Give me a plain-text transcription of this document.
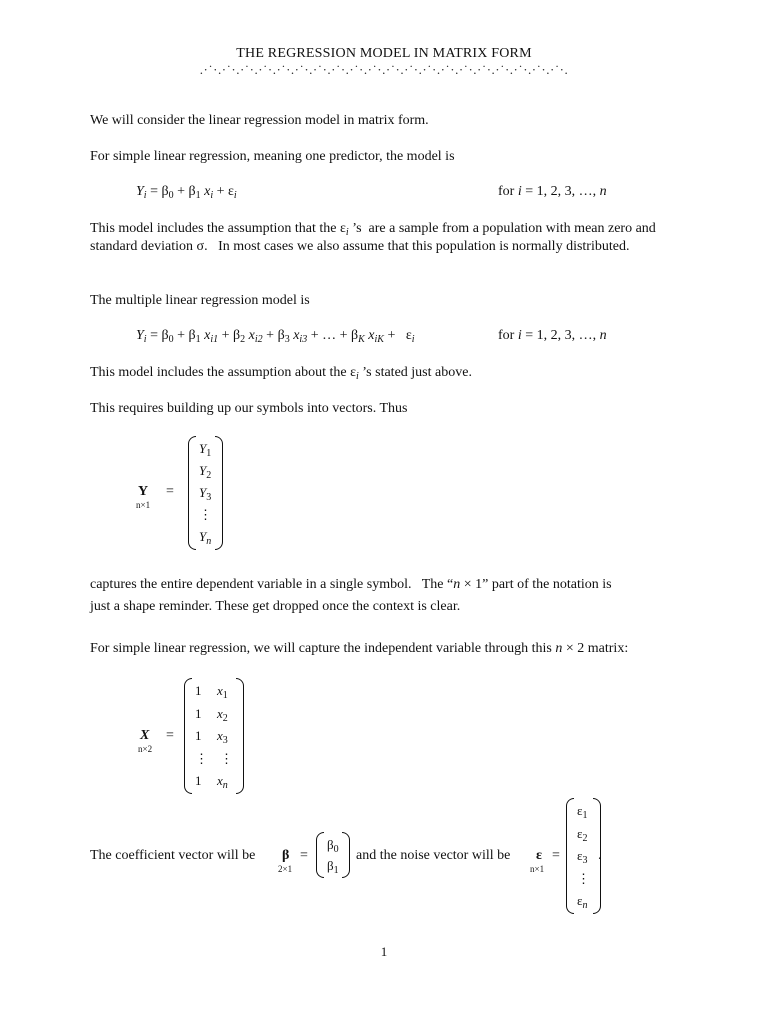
THE REGRESSION MODEL IN MATRIX FORM
.·˙·.·˙·.·˙·.·˙·.·˙·.·˙·.·˙·.·˙·.·˙·.·˙·.·˙·.·˙·.·˙·.·˙·.·˙·.·˙·.·˙·.·˙·.·˙·.·˙·.
We will consider the linear regression model in matrix form.
For simple linear regression, meaning one predictor, the model is
$Y_i = \beta_0 + \beta_1$ $x_i + \varepsilon_i$	for i = 1, 2, 3, …, n
This model includes the assumption that the $\varepsilon_i$ ’s  are a sample from a population with mean zero and standard deviation σ.   In most cases we also assume that this population is normally distributed.
The multiple linear regression model is
$Y_i = \beta_0 + \beta_1$ $x_{i1} + \beta_2$ $x_{i2} + \beta_3$ $x_{i3}$ + … + $\beta_K$ $x_{iK} + \varepsilon_i$	for i = 1, 2, 3, …, n
This model includes the assumption about the $\varepsilon_i$ ’s stated just above.
This requires building up our symbols into vectors. Thus
Y
n×1
=
$Y_1$
$Y_2$
$Y_3$
⋮
$Y_n$
captures the entire dependent variable in a single symbol.   The “n × 1” part of the notation is
just a shape reminder. These get dropped once the context is clear.
For simple linear regression, we will capture the independent variable through this n × 2 matrix:
X
n×2
=
1 $x_1$
1 $x_2$
1 $x_3$
⋮ ⋮
1 $x_n$
The coefficient vector will be β
2×1
=
$\beta_0$
$\beta_1$
and the noise vector will be ε
n×1
=
$\varepsilon_1$
$\varepsilon_2$
$\varepsilon_3$
⋮
$\varepsilon_n$
.
1
